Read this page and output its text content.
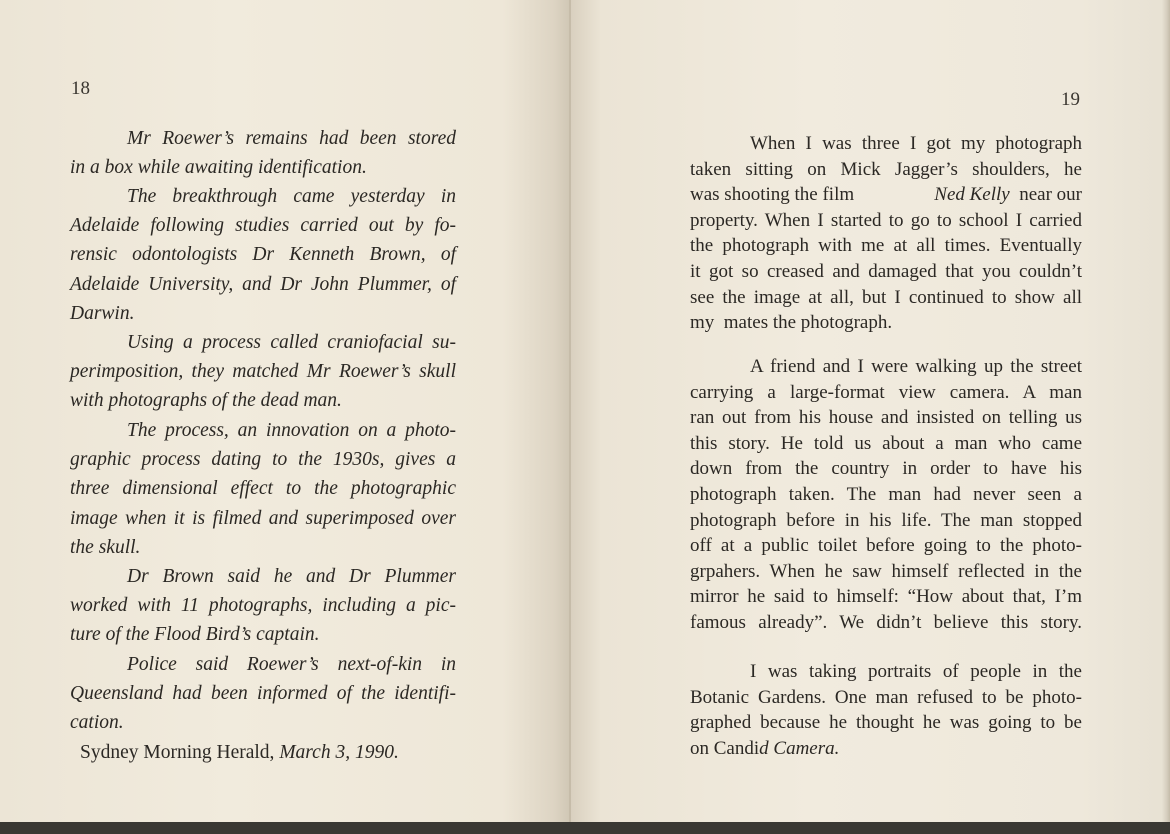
18
Mr Roewer’s remains had been stored
in a box while awaiting identification.
The breakthrough came yesterday in
Adelaide following studies carried out by fo-
rensic odontologists Dr Kenneth Brown, of
Adelaide University, and Dr John Plummer, of
Darwin.
Using a process called craniofacial su-
perimposition, they matched Mr Roewer’s skull
with photographs of the dead man.
The process, an innovation on a photo-
graphic process dating to the 1930s, gives a
three dimensional effect to the photographic
image when it is filmed and superimposed over
the skull.
Dr Brown said he and Dr Plummer
worked with 11 photographs, including a pic-
ture of the Flood Bird’s captain.
Police said Roewer’s next-of-kin in
Queensland had been informed of the identifi-
cation.
Sydney Morning Herald, March 3, 1990.
19
When I was three I got my photograph
taken sitting on Mick Jagger’s shoulders, he
was shooting the film	Ned Kelly near our
property. When I started to go to school I carried
the photograph with me at all times. Eventually
it got so creased and damaged that you couldn’t
see the image at all, but I continued to show all
my  mates the photograph.
A friend and I were walking up the street
carrying a large-format view camera. A man
ran out from his house and insisted on telling us
this story. He told us about a man who came
down from the country in order to have his
photograph taken. The man had never seen a
photograph before in his life. The man stopped
off at a public toilet before going to the photo-
grpahers. When he saw himself reflected in the
mirror he said to himself: “How about that, I’m
famous already”. We didn’t believe this story.
I was taking portraits of people in the
Botanic Gardens. One man refused to be photo-
graphed because he thought he was going to be
on Candid Camera.
